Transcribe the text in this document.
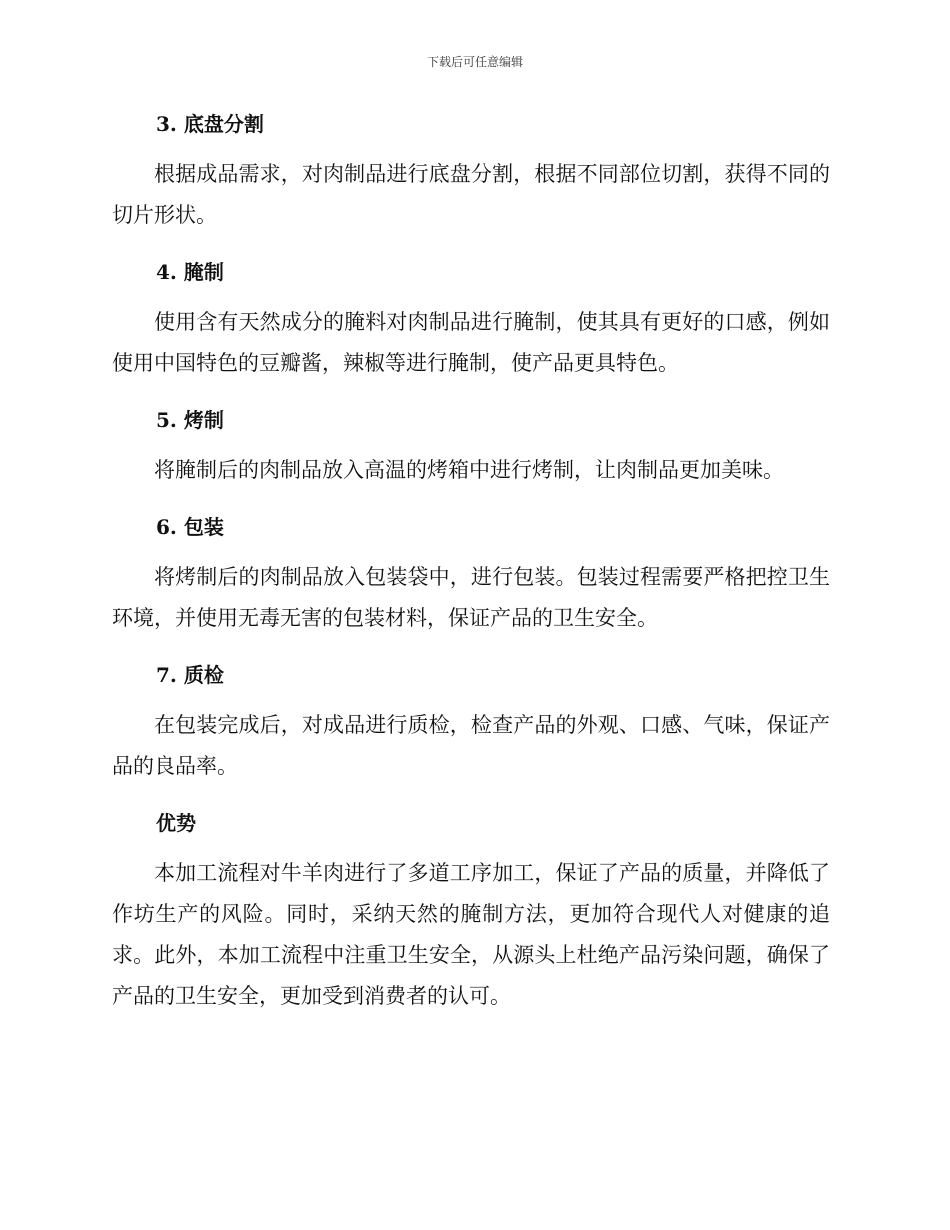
下载后可任意编辑
3. 底盘分割

根据成品需求，对肉制品进行底盘分割，根据不同部位切割，获得不同的切片形状。

4. 腌制

使用含有天然成分的腌料对肉制品进行腌制，使其具有更好的口感，例如使用中国特色的豆瓣酱，辣椒等进行腌制，使产品更具特色。

5. 烤制

将腌制后的肉制品放入高温的烤箱中进行烤制，让肉制品更加美味。

6. 包装

将烤制后的肉制品放入包装袋中，进行包装。包装过程需要严格把控卫生环境，并使用无毒无害的包装材料，保证产品的卫生安全。

7. 质检

在包装完成后，对成品进行质检，检查产品的外观、口感、气味，保证产品的良品率。

优势

本加工流程对牛羊肉进行了多道工序加工，保证了产品的质量，并降低了作坊生产的风险。同时，采纳天然的腌制方法，更加符合现代人对健康的追求。此外，本加工流程中注重卫生安全，从源头上杜绝产品污染问题，确保了产品的卫生安全，更加受到消费者的认可。
